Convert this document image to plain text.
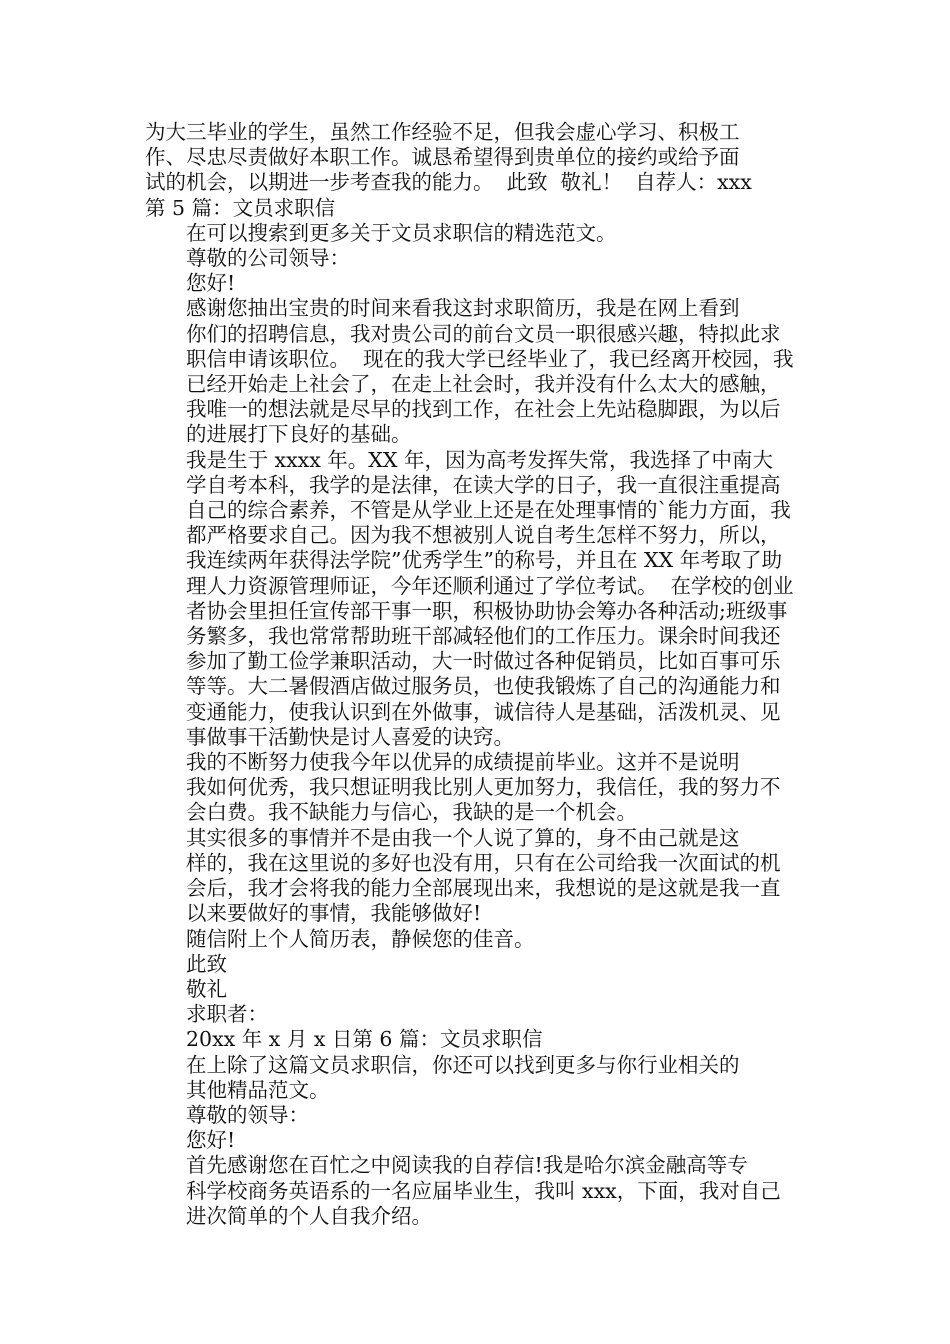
为大三毕业的学生，虽然工作经验不足，但我会虚心学习、积极工
作、尽忠尽责做好本职工作。诚恳希望得到贵单位的接约或给予面
试的机会，以期进一步考查我的能力。  此致  敬礼！  自荐人：xxx
第 5 篇：文员求职信
在可以搜索到更多关于文员求职信的精选范文。
尊敬的公司领导：
您好!
感谢您抽出宝贵的时间来看我这封求职简历，我是在网上看到
你们的招聘信息，我对贵公司的前台文员一职很感兴趣，特拟此求
职信申请该职位。  现在的我大学已经毕业了，我已经离开校园，我
已经开始走上社会了，在走上社会时，我并没有什么太大的感触，
我唯一的想法就是尽早的找到工作，在社会上先站稳脚跟，为以后
的进展打下良好的基础。
我是生于 xxxx 年。XX 年，因为高考发挥失常，我选择了中南大
学自考本科，我学的是法律，在读大学的日子，我一直很注重提高
自己的综合素养，不管是从学业上还是在处理事情的`能力方面，我
都严格要求自己。因为我不想被别人说自考生怎样不努力，所以，
我连续两年获得法学院”优秀学生”的称号，并且在 XX 年考取了助
理人力资源管理师证，今年还顺利通过了学位考试。  在学校的创业
者协会里担任宣传部干事一职，积极协助协会筹办各种活动;班级事
务繁多，我也常常帮助班干部减轻他们的工作压力。课余时间我还
参加了勤工俭学兼职活动，大一时做过各种促销员，比如百事可乐
等等。大二暑假酒店做过服务员，也使我锻炼了自己的沟通能力和
变通能力，使我认识到在外做事，诚信待人是基础，活泼机灵、见
事做事干活勤快是讨人喜爱的诀窍。
我的不断努力使我今年以优异的成绩提前毕业。这并不是说明
我如何优秀，我只想证明我比别人更加努力，我信任，我的努力不
会白费。我不缺能力与信心，我缺的是一个机会。
其实很多的事情并不是由我一个人说了算的，身不由己就是这
样的，我在这里说的多好也没有用，只有在公司给我一次面试的机
会后，我才会将我的能力全部展现出来，我想说的是这就是我一直
以来要做好的事情，我能够做好!
随信附上个人简历表，静候您的佳音。
此致
敬礼
求职者：
20xx 年 x 月 x 日第 6 篇：文员求职信
在上除了这篇文员求职信，你还可以找到更多与你行业相关的
其他精品范文。
尊敬的领导：
您好!
首先感谢您在百忙之中阅读我的自荐信!我是哈尔滨金融高等专
科学校商务英语系的一名应届毕业生，我叫 xxx，下面，我对自己
进次简单的个人自我介绍。
